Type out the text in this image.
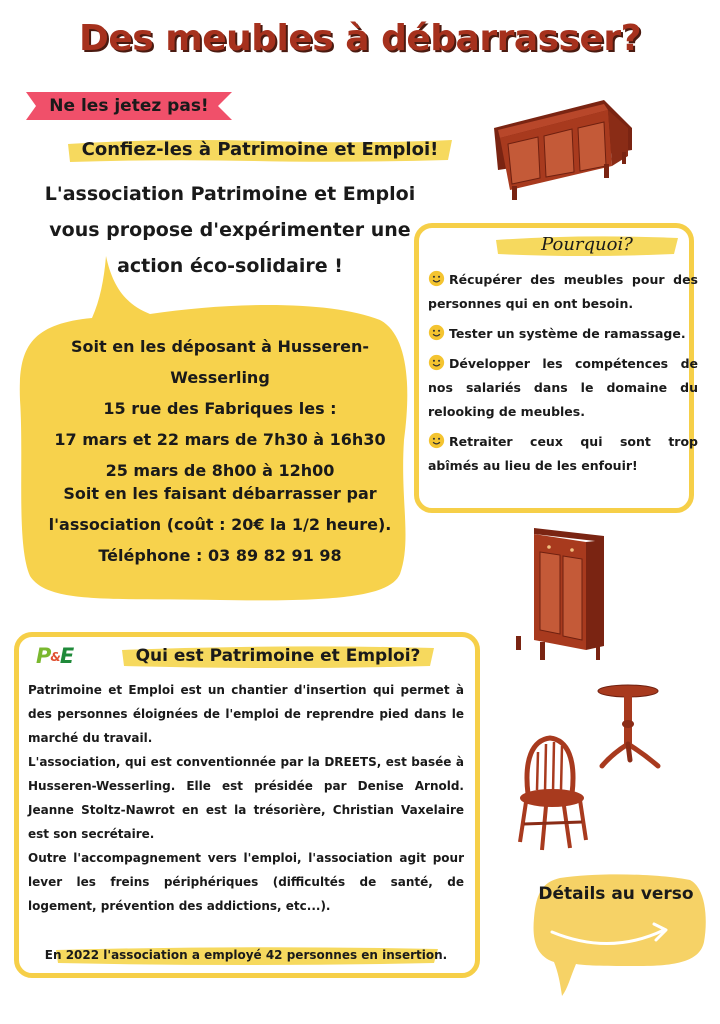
Des meubles à débarrasser?
Ne les jetez pas!
Confiez-les à Patrimoine et Emploi!
L'association Patrimoine et Emploi
vous propose d'expérimenter une
action éco-solidaire !
Soit en les déposant à Husseren-Wesserling
15 rue des Fabriques les :
17 mars et 22 mars de 7h30 à 16h30
25 mars de 8h00 à 12h00
Soit en les faisant débarrasser par
l'association (coût : 20€ la 1/2 heure).
Téléphone : 03 89 82 91 98
Pourquoi?
Récupérer des meubles pour des personnes qui en ont besoin.
Tester un système de ramassage.
Développer les compétences de nos salariés dans le domaine du relooking de meubles.
Retraiter ceux qui sont trop abîmés au lieu de les enfouir!
P&E	Qui est Patrimoine et Emploi?

Patrimoine et Emploi est un chantier d'insertion qui permet à des personnes éloignées de l'emploi de reprendre pied dans le marché du travail.

L'association, qui est conventionnée par la DREETS, est basée à Husseren-Wesserling. Elle est présidée par Denise Arnold. Jeanne Stoltz-Nawrot en est la trésorière, Christian Vaxelaire est son secrétaire.

Outre l'accompagnement vers l'emploi, l'association agit pour lever les freins périphériques (difficultés de santé, de logement, prévention des addictions, etc...).

En 2022 l'association a employé 42 personnes en insertion.
Détails au verso
